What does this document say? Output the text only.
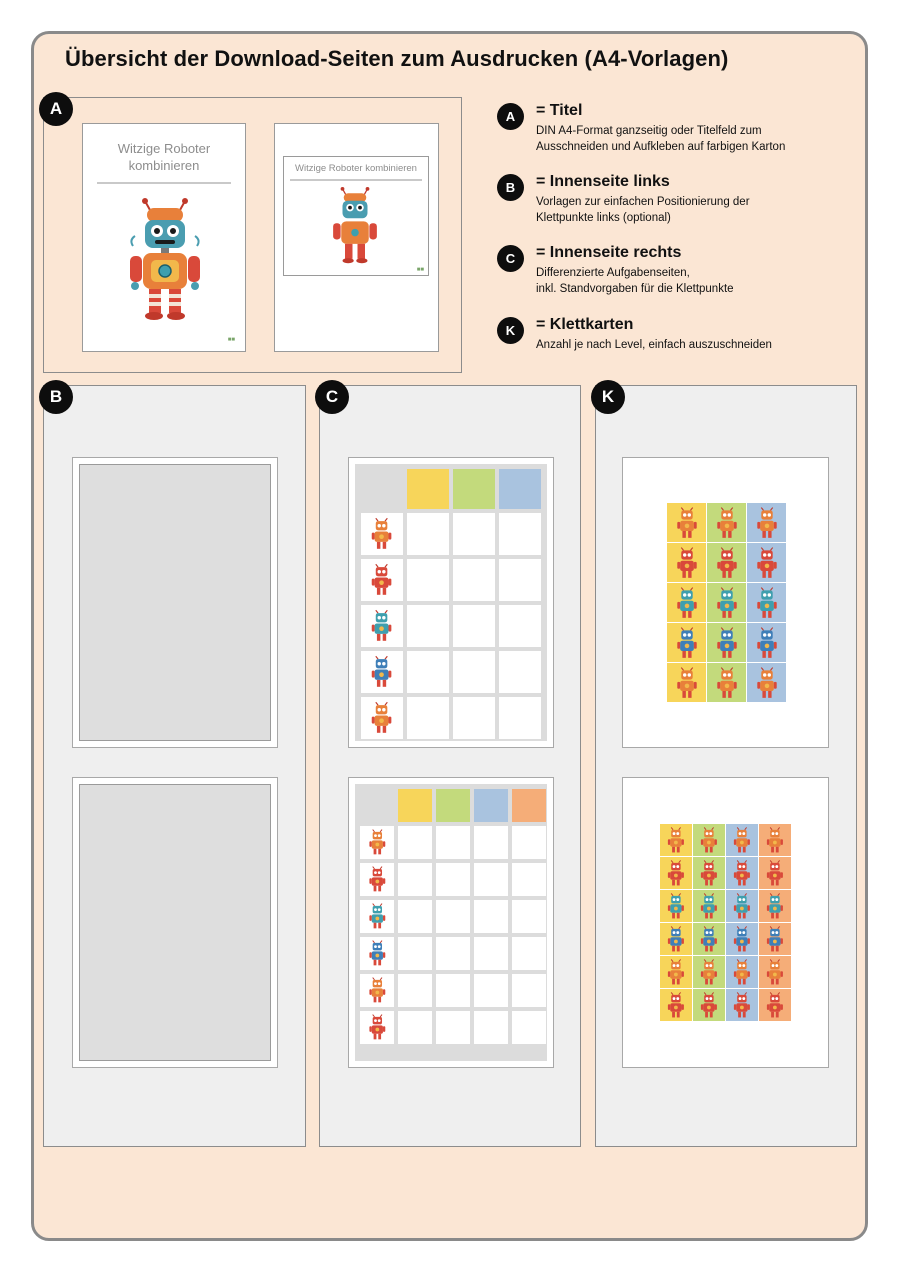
Übersicht der Download-Seiten zum Ausdrucken (A4-Vorlagen)
Witzige Roboter kombinieren
■■
Witzige Roboter kombinieren
■■
A	A	= Titel

DIN A4-Format ganzseitig oder Titelfeld zum Ausschneiden und Aufkleben auf farbigen Karton

B	= Innenseite links

Vorlagen zur einfachen Positionierung der Klettpunkte links (optional)

C	= Innenseite rechts

Differenzierte Aufgabenseiten,
inkl. Standvorgaben für die Klettpunkte

K	= Klettkarten

Anzahl je nach Level, einfach auszuschneiden

B	C	K
